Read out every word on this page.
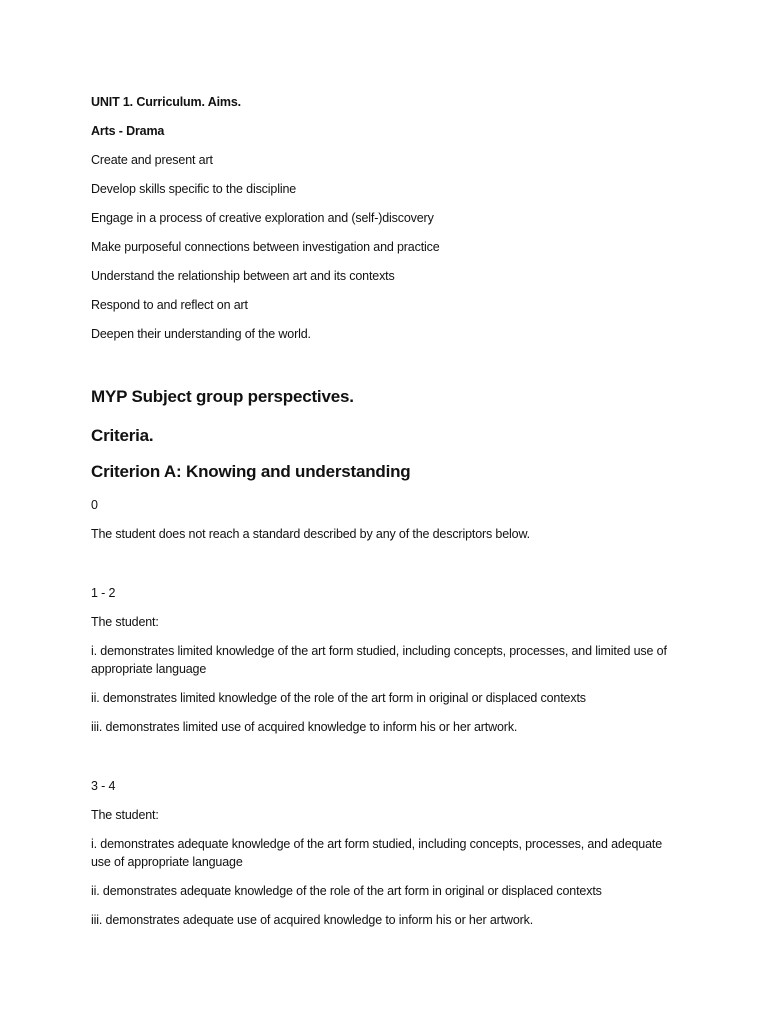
UNIT 1. Curriculum. Aims.
Arts - Drama
Create and present art
Develop skills specific to the discipline
Engage in a process of creative exploration and (self-)discovery
Make purposeful connections between investigation and practice
Understand the relationship between art and its contexts
Respond to and reflect on art
Deepen their understanding of the world.
MYP Subject group perspectives.
Criteria.
Criterion A: Knowing and understanding
0
The student does not reach a standard described by any of the descriptors below.
1 - 2
The student:
i. demonstrates limited knowledge of the art form studied, including concepts, processes, and limited use of appropriate language
ii. demonstrates limited knowledge of the role of the art form in original or displaced contexts
iii. demonstrates limited use of acquired knowledge to inform his or her artwork.
3 - 4
The student:
i. demonstrates adequate knowledge of the art form studied, including concepts, processes, and adequate use of appropriate language
ii. demonstrates adequate knowledge of the role of the art form in original or displaced contexts
iii. demonstrates adequate use of acquired knowledge to inform his or her artwork.
